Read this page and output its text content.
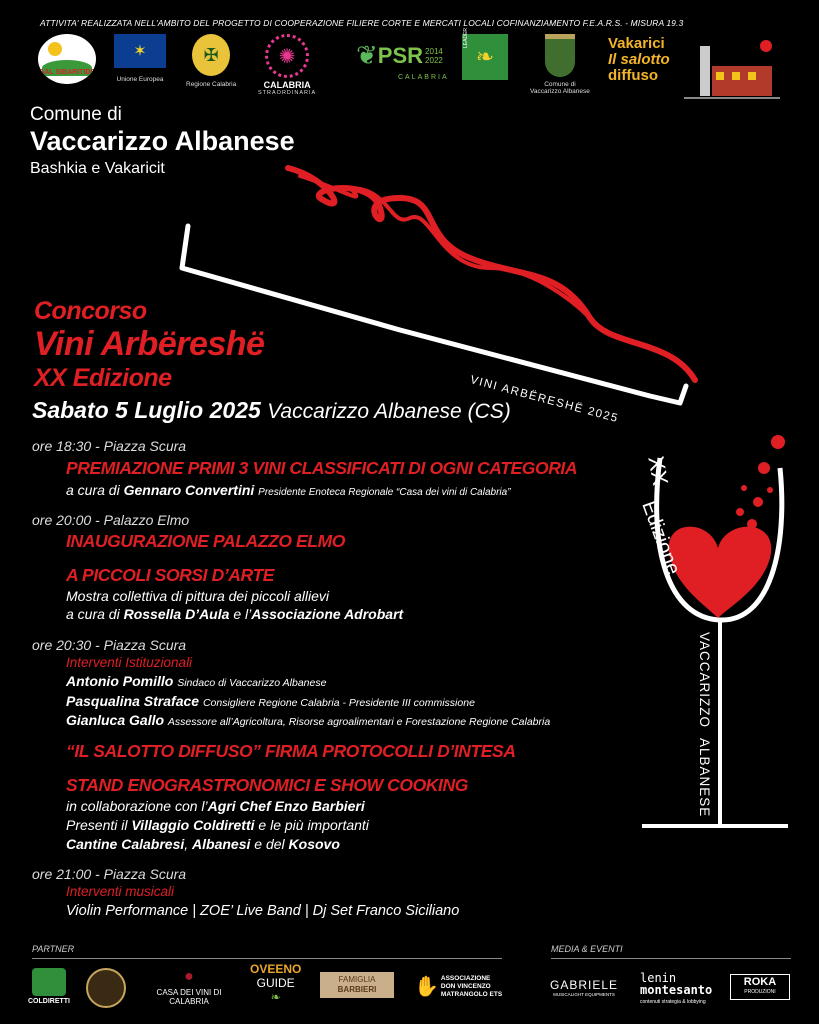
ATTIVITA' REALIZZATA NELL'AMBITO DEL PROGETTO DI COOPERAZIONE FILIERE CORTE E MERCATI LOCALI COFINANZIAMENTO F.E.A.R.S. - MISURA 19.3
GAL SIBARITIDE
✶
Unione Europea
✠
Regione Calabria
✺
CALABRIA
STRAORDINARIA
❦ PSR 2014
2022
CALABRIA
❧
LEADER
Comune di
Vaccarizzo Albanese
Vakarici
Il salotto
diffuso
Comune di
Vaccarizzo Albanese
Bashkia e Vakaricit
VINI ARBËRESHË 2025
Concorso
Vini Arbëreshë
XX Edizione
Sabato 5 Luglio 2025 Vaccarizzo Albanese (CS)
XX
Edizione
VACCARIZZO
ALBANESE
ore 18:30 - Piazza Scura
PREMIAZIONE PRIMI 3 VINI CLASSIFICATI DI OGNI CATEGORIA
a cura di Gennaro Convertini Presidente Enoteca Regionale “Casa dei vini di Calabria”
ore 20:00 - Palazzo Elmo
INAUGURAZIONE PALAZZO ELMO
A PICCOLI SORSI D’ARTE
Mostra collettiva di pittura dei piccoli allievi
a cura di Rossella D’Aula e l’Associazione Adrobart
ore 20:30 - Piazza Scura
Interventi Istituzionali
Antonio Pomillo Sindaco di Vaccarizzo Albanese
Pasqualina Straface Consigliere Regione Calabria - Presidente III commissione
Gianluca Gallo Assessore all’Agricoltura, Risorse agroalimentari e Forestazione Regione Calabria
“IL SALOTTO DIFFUSO” FIRMA PROTOCOLLI D’INTESA
STAND ENOGRASTRONOMICI E SHOW COOKING
in collaborazione con l’Agri Chef Enzo Barbieri
Presenti il Villaggio Coldiretti e le più importanti
Cantine Calabresi, Albanesi e del Kosovo
ore 21:00 - Piazza Scura
Interventi musicali
Violin Performance | ZOE’ Live Band | Dj Set Franco Siciliano
PARTNER	MEDIA & EVENTI
COLDIRETTI
●
CASA DEI VINI DI CALABRIA
OVEENO
GUIDE
❧
FAMIGLIA
BARBIERI ✋ ASSOCIAZIONE
DON VINCENZO
MATRANGOLO ETS
GABRIELE
MUSICALIGHT EQUIPMENTS
lenin
montesanto
contenuti strategia & lobbying
ROKA
PRODUZIONI
